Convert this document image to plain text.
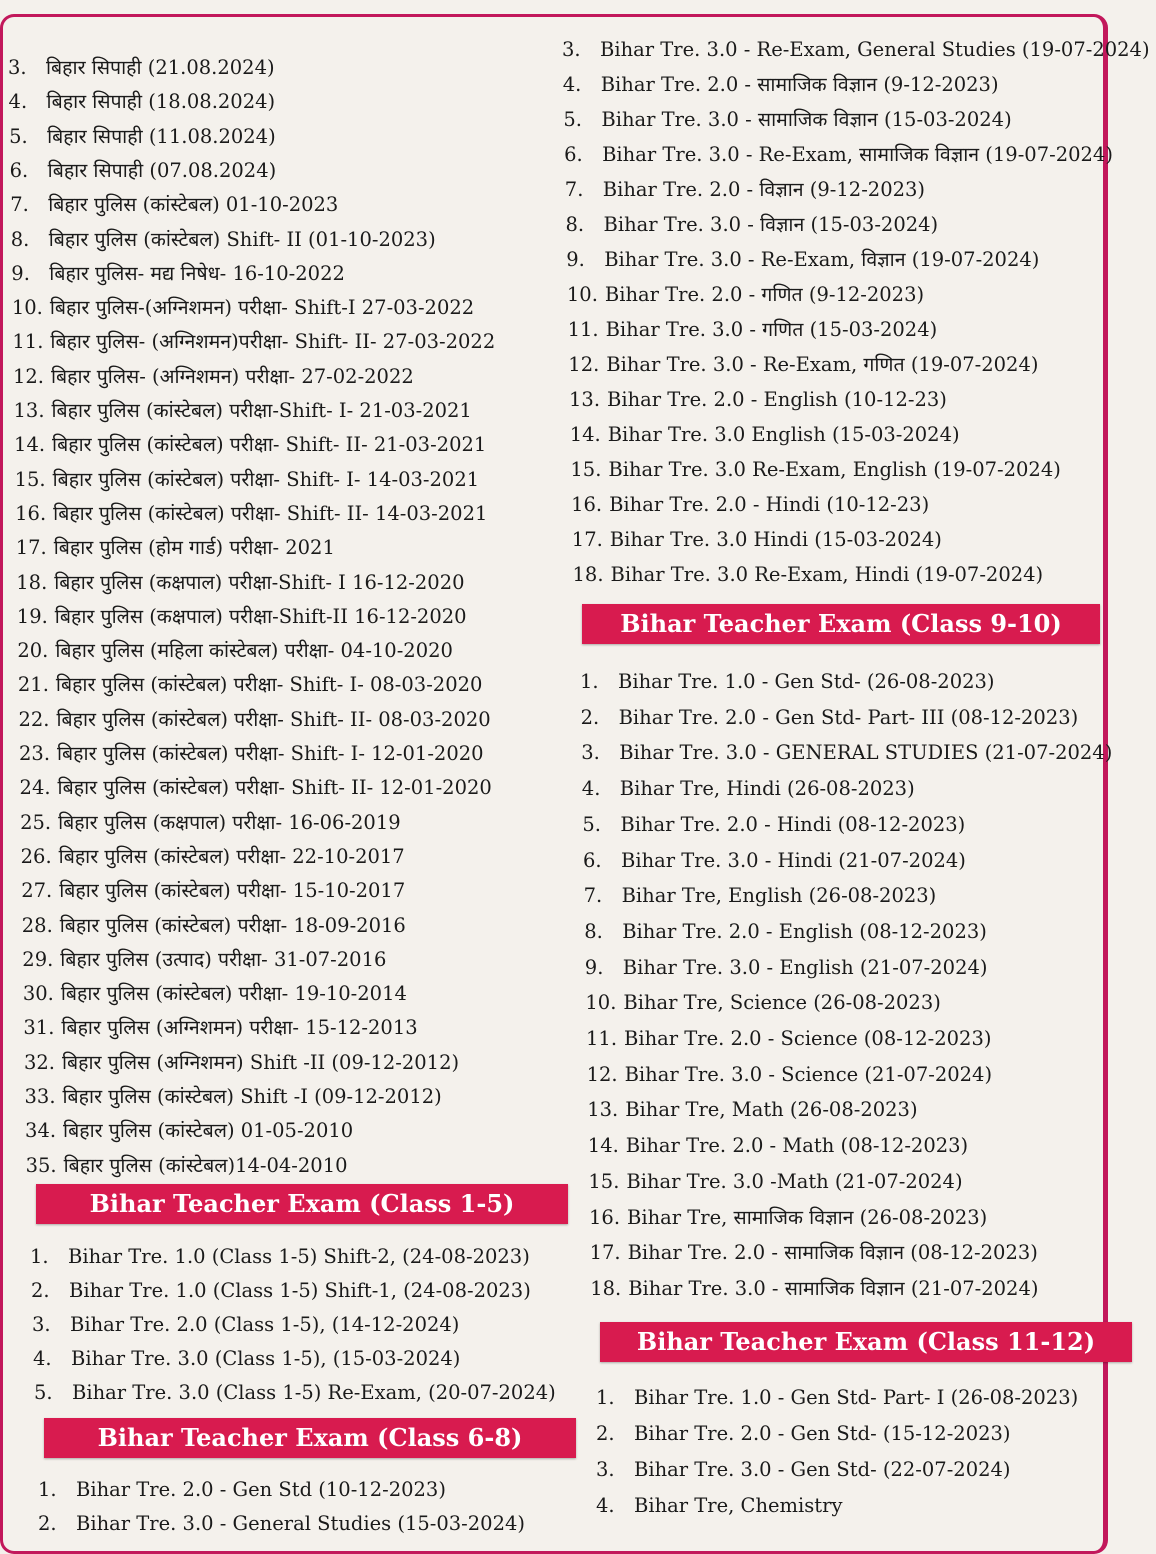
3. बिहार सिपाही (21.08.2024)
4. बिहार सिपाही (18.08.2024)
5. बिहार सिपाही (11.08.2024)
6. बिहार सिपाही (07.08.2024)
7. बिहार पुलिस (कांस्टेबल) 01-10-2023
8. बिहार पुलिस (कांस्टेबल) Shift- II (01-10-2023)
9. बिहार पुलिस- मद्य निषेध- 16-10-2022
10. बिहार पुलिस-(अग्निशमन) परीक्षा- Shift-I 27-03-2022
11. बिहार पुलिस- (अग्निशमन)परीक्षा- Shift- II- 27-03-2022
12. बिहार पुलिस- (अग्निशमन) परीक्षा- 27-02-2022
13. बिहार पुलिस (कांस्टेबल) परीक्षा-Shift- I- 21-03-2021
14. बिहार पुलिस (कांस्टेबल) परीक्षा- Shift- II- 21-03-2021
15. बिहार पुलिस (कांस्टेबल) परीक्षा- Shift- I- 14-03-2021
16. बिहार पुलिस (कांस्टेबल) परीक्षा- Shift- II- 14-03-2021
17. बिहार पुलिस (होम गार्ड) परीक्षा- 2021
18. बिहार पुलिस (कक्षपाल) परीक्षा-Shift- I 16-12-2020
19. बिहार पुलिस (कक्षपाल) परीक्षा-Shift-II 16-12-2020
20. बिहार पुलिस (महिला कांस्टेबल) परीक्षा- 04-10-2020
21. बिहार पुलिस (कांस्टेबल) परीक्षा- Shift- I- 08-03-2020
22. बिहार पुलिस (कांस्टेबल) परीक्षा- Shift- II- 08-03-2020
23. बिहार पुलिस (कांस्टेबल) परीक्षा- Shift- I- 12-01-2020
24. बिहार पुलिस (कांस्टेबल) परीक्षा- Shift- II- 12-01-2020
25. बिहार पुलिस (कक्षपाल) परीक्षा- 16-06-2019
26. बिहार पुलिस (कांस्टेबल) परीक्षा- 22-10-2017
27. बिहार पुलिस (कांस्टेबल) परीक्षा- 15-10-2017
28. बिहार पुलिस (कांस्टेबल) परीक्षा- 18-09-2016
29. बिहार पुलिस (उत्पाद) परीक्षा- 31-07-2016
30. बिहार पुलिस (कांस्टेबल) परीक्षा- 19-10-2014
31. बिहार पुलिस (अग्निशमन) परीक्षा- 15-12-2013
32. बिहार पुलिस (अग्निशमन) Shift -II (09-12-2012)
33. बिहार पुलिस (कांस्टेबल) Shift -I (09-12-2012)
34. बिहार पुलिस (कांस्टेबल) 01-05-2010
35. बिहार पुलिस (कांस्टेबल)14-04-2010
Bihar Teacher Exam (Class 1-5)
1. Bihar Tre. 1.0 (Class 1-5) Shift-2, (24-08-2023)
2. Bihar Tre. 1.0 (Class 1-5) Shift-1, (24-08-2023)
3. Bihar Tre. 2.0 (Class 1-5), (14-12-2024)
4. Bihar Tre. 3.0 (Class 1-5), (15-03-2024)
5. Bihar Tre. 3.0 (Class 1-5) Re-Exam, (20-07-2024)
Bihar Teacher Exam (Class 6-8)
1. Bihar Tre. 2.0 - Gen Std (10-12-2023)
2. Bihar Tre. 3.0 - General Studies (15-03-2024)
3. Bihar Tre. 3.0 - Re-Exam, General Studies (19-07-2024)
4. Bihar Tre. 2.0 - सामाजिक विज्ञान (9-12-2023)
5. Bihar Tre. 3.0 - सामाजिक विज्ञान (15-03-2024)
6. Bihar Tre. 3.0 - Re-Exam, सामाजिक विज्ञान (19-07-2024)
7. Bihar Tre. 2.0 - विज्ञान (9-12-2023)
8. Bihar Tre. 3.0 - विज्ञान (15-03-2024)
9. Bihar Tre. 3.0 - Re-Exam, विज्ञान (19-07-2024)
10. Bihar Tre. 2.0 - गणित (9-12-2023)
11. Bihar Tre. 3.0 - गणित (15-03-2024)
12. Bihar Tre. 3.0 - Re-Exam, गणित (19-07-2024)
13. Bihar Tre. 2.0 - English (10-12-23)
14. Bihar Tre. 3.0 English (15-03-2024)
15. Bihar Tre. 3.0 Re-Exam, English (19-07-2024)
16. Bihar Tre. 2.0 - Hindi (10-12-23)
17. Bihar Tre. 3.0 Hindi (15-03-2024)
18. Bihar Tre. 3.0 Re-Exam, Hindi (19-07-2024)
Bihar Teacher Exam (Class 9-10)
1. Bihar Tre. 1.0 - Gen Std- (26-08-2023)
2. Bihar Tre. 2.0 - Gen Std- Part- III (08-12-2023)
3. Bihar Tre. 3.0 - GENERAL STUDIES (21-07-2024)
4. Bihar Tre, Hindi (26-08-2023)
5. Bihar Tre. 2.0 - Hindi (08-12-2023)
6. Bihar Tre. 3.0 - Hindi (21-07-2024)
7. Bihar Tre, English (26-08-2023)
8. Bihar Tre. 2.0 - English (08-12-2023)
9. Bihar Tre. 3.0 - English (21-07-2024)
10. Bihar Tre, Science (26-08-2023)
11. Bihar Tre. 2.0 - Science (08-12-2023)
12. Bihar Tre. 3.0 - Science (21-07-2024)
13. Bihar Tre, Math (26-08-2023)
14. Bihar Tre. 2.0 - Math (08-12-2023)
15. Bihar Tre. 3.0 -Math (21-07-2024)
16. Bihar Tre, सामाजिक विज्ञान (26-08-2023)
17. Bihar Tre. 2.0 - सामाजिक विज्ञान (08-12-2023)
18. Bihar Tre. 3.0 - सामाजिक विज्ञान (21-07-2024)
Bihar Teacher Exam (Class 11-12)
1. Bihar Tre. 1.0 - Gen Std- Part- I (26-08-2023)
2. Bihar Tre. 2.0 - Gen Std- (15-12-2023)
3. Bihar Tre. 3.0 - Gen Std- (22-07-2024)
4. Bihar Tre, Chemistry
